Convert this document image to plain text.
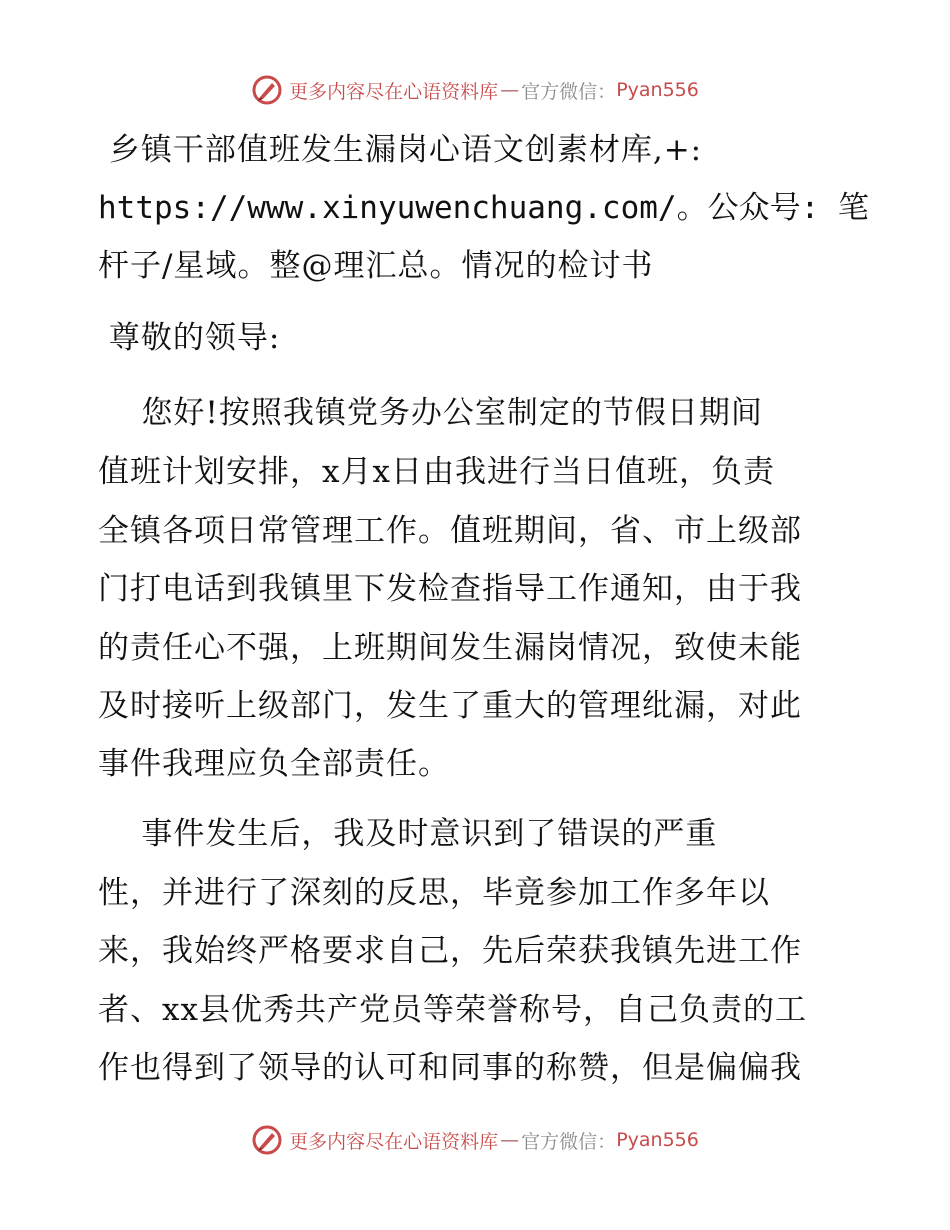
更多内容尽在心语资料库 — 官方微信： Pyan556
乡镇干部值班发生漏岗心语文创素材库,+:
https://www.xinyuwenchuang.com/。公众号: 笔
杆子/星域。整@理汇总。情况的检讨书
尊敬的领导:
您好!按照我镇党务办公室制定的节假日期间
值班计划安排，x月x日由我进行当日值班，负责
全镇各项日常管理工作。值班期间，省、市上级部
门打电话到我镇里下发检查指导工作通知，由于我
的责任心不强，上班期间发生漏岗情况，致使未能
及时接听上级部门，发生了重大的管理纰漏，对此
事件我理应负全部责任。
事件发生后，我及时意识到了错误的严重
性，并进行了深刻的反思，毕竟参加工作多年以
来，我始终严格要求自己，先后荣获我镇先进工作
者、xx县优秀共产党员等荣誉称号，自己负责的工
作也得到了领导的认可和同事的称赞，但是偏偏我
更多内容尽在心语资料库 — 官方微信： Pyan556
